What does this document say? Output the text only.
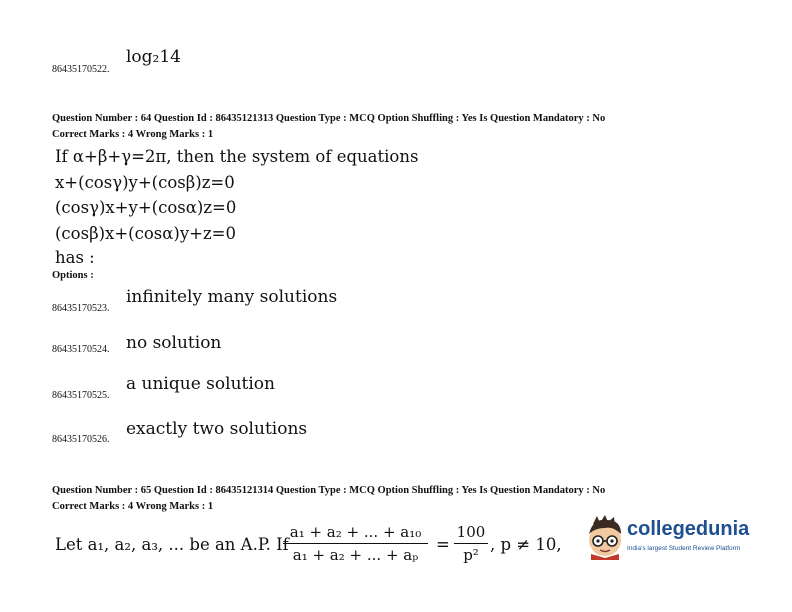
86435170522.
log₂14
Question Number : 64 Question Id : 86435121313 Question Type : MCQ Option Shuffling : Yes Is Question Mandatory : No
Correct Marks : 4 Wrong Marks : 1
If α+β+γ=2π, then the system of equations
x+(cosγ)y+(cosβ)z=0
(cosγ)x+y+(cosα)z=0
(cosβ)x+(cosα)y+z=0
has :
Options :
86435170523.
infinitely many solutions
86435170524. no solution
86435170525.
a unique solution
86435170526.
exactly two solutions
Question Number : 65 Question Id : 86435121314 Question Type : MCQ Option Shuffling : Yes Is Question Mandatory : No
Correct Marks : 4 Wrong Marks : 1
Let a₁, a₂, a₃, ... be an A.P. If
a₁ + a₂ + ... + a₁₀
a₁ + a₂ + ... + aₚ
=
100
p²
, p ≠ 10,
collegedunia
India's largest Student Review Platform
